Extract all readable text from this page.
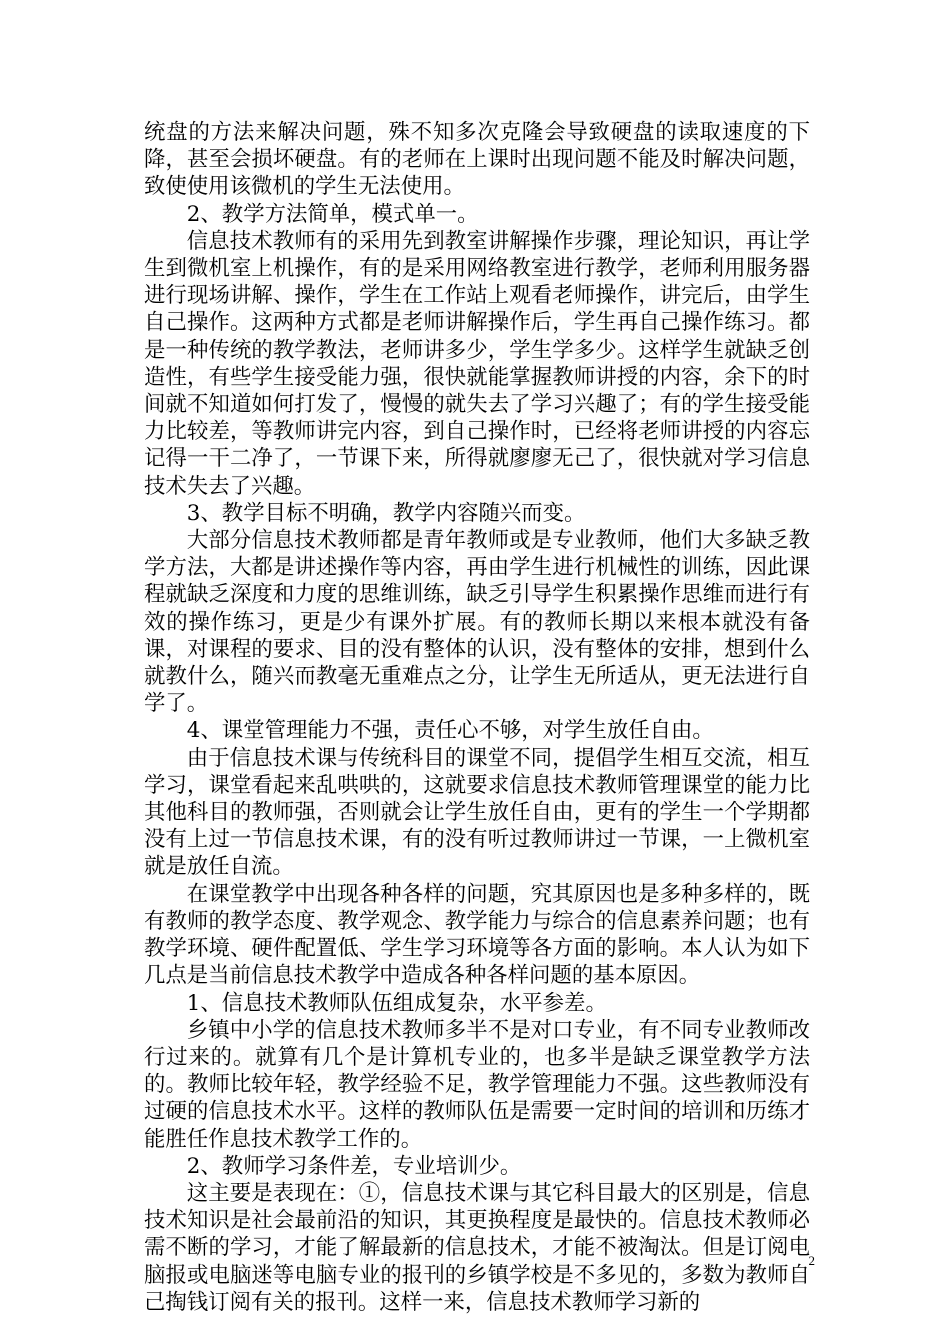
统盘的方法来解决问题，殊不知多次克隆会导致硬盘的读取速度的下降，甚至会损坏硬盘。有的老师在上课时出现问题不能及时解决问题，致使使用该微机的学生无法使用。

2、教学方法简单，模式单一。

信息技术教师有的采用先到教室讲解操作步骤，理论知识，再让学生到微机室上机操作，有的是采用网络教室进行教学，老师利用服务器进行现场讲解、操作，学生在工作站上观看老师操作，讲完后，由学生自己操作。这两种方式都是老师讲解操作后，学生再自己操作练习。都是一种传统的教学教法，老师讲多少，学生学多少。这样学生就缺乏创造性，有些学生接受能力强，很快就能掌握教师讲授的内容，余下的时间就不知道如何打发了，慢慢的就失去了学习兴趣了；有的学生接受能力比较差，等教师讲完内容，到自己操作时，已经将老师讲授的内容忘记得一干二净了，一节课下来，所得就廖廖无己了，很快就对学习信息技术失去了兴趣。

3、教学目标不明确，教学内容随兴而变。

大部分信息技术教师都是青年教师或是专业教师，他们大多缺乏教学方法，大都是讲述操作等内容，再由学生进行机械性的训练，因此课程就缺乏深度和力度的思维训练，缺乏引导学生积累操作思维而进行有效的操作练习，更是少有课外扩展。有的教师长期以来根本就没有备课，对课程的要求、目的没有整体的认识，没有整体的安排，想到什么就教什么，随兴而教毫无重难点之分，让学生无所适从，更无法进行自学了。

4、课堂管理能力不强，责任心不够，对学生放任自由。

由于信息技术课与传统科目的课堂不同，提倡学生相互交流，相互学习，课堂看起来乱哄哄的，这就要求信息技术教师管理课堂的能力比其他科目的教师强，否则就会让学生放任自由，更有的学生一个学期都没有上过一节信息技术课，有的没有听过教师讲过一节课，一上微机室就是放任自流。

在课堂教学中出现各种各样的问题，究其原因也是多种多样的，既有教师的教学态度、教学观念、教学能力与综合的信息素养问题；也有教学环境、硬件配置低、学生学习环境等各方面的影响。本人认为如下几点是当前信息技术教学中造成各种各样问题的基本原因。

1、信息技术教师队伍组成复杂，水平参差。

乡镇中小学的信息技术教师多半不是对口专业，有不同专业教师改行过来的。就算有几个是计算机专业的，也多半是缺乏课堂教学方法的。教师比较年轻，教学经验不足，教学管理能力不强。这些教师没有过硬的信息技术水平。这样的教师队伍是需要一定时间的培训和历练才能胜任作息技术教学工作的。

2、教师学习条件差，专业培训少。

这主要是表现在：①，信息技术课与其它科目最大的区别是，信息技术知识是社会最前沿的知识，其更换程度是最快的。信息技术教师必需不断的学习，才能了解最新的信息技术，才能不被淘汰。但是订阅电脑报或电脑迷等电脑专业的报刊的乡镇学校是不多见的，多数为教师自己掏钱订阅有关的报刊。这样一来，信息技术教师学习新的

2
